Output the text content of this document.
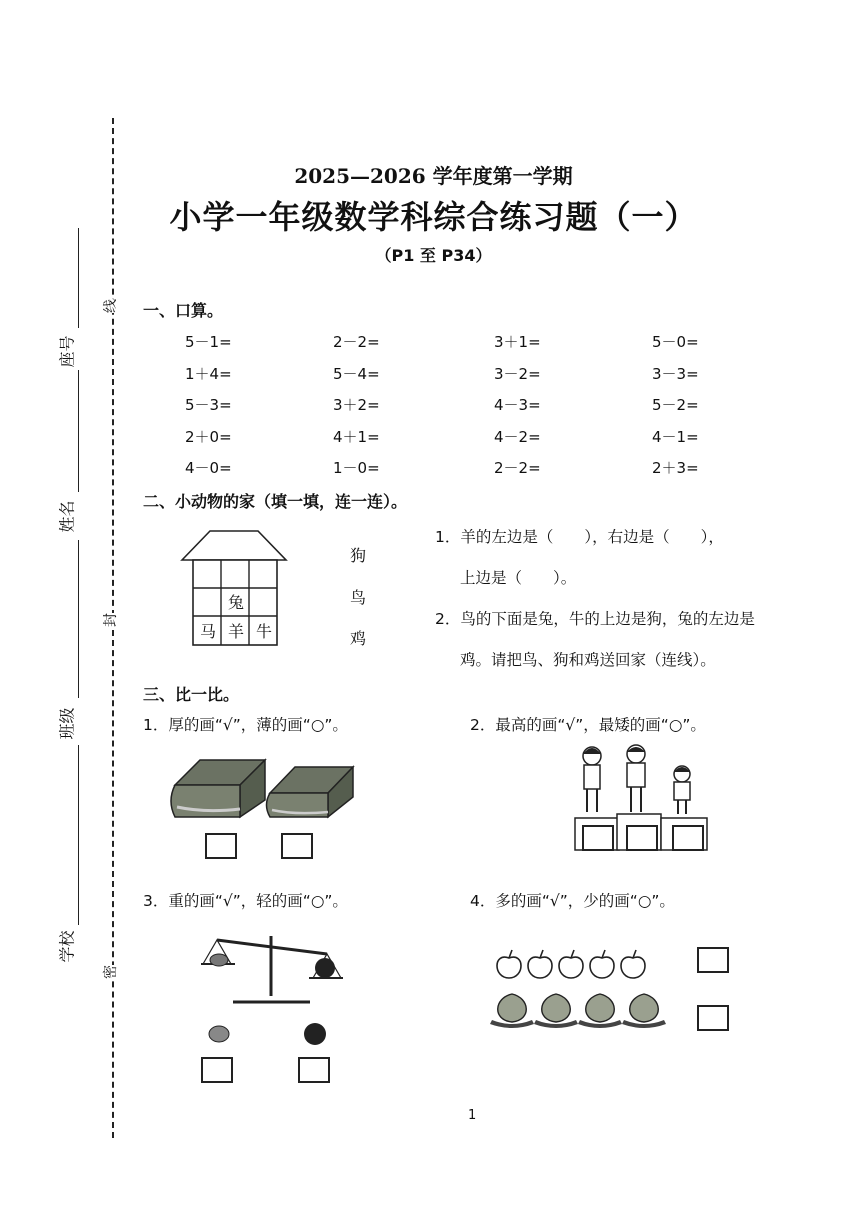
座号
姓名
班级
学校
线
封
密
2025—2026 学年度第一学期
小学一年级数学科综合练习题（一）
（P1 至 P34）
一、口算。
5－1=	2－2=	3＋1=	5－0=
1＋4=	5－4=	3－2=	3－3=
5－3=	3＋2=	4－3=	5－2=
2＋0=	4＋1=	4－2=	4－1=
4－0=	1－0=	2－2=	2＋3=
二、小动物的家（填一填，连一连）。
兔
马 羊 牛
狗
鸟
鸡
1．羊的左边是（　　），右边是（　　），
上边是（　　）。
2．鸟的下面是兔，牛的上边是狗，兔的左边是
鸡。请把鸟、狗和鸡送回家（连线）。
三、比一比。
1．厚的画“√”，薄的画“○”。	2．最高的画“√”，最矮的画“○”。
3．重的画“√”，轻的画“○”。	4．多的画“√”，少的画“○”。
1
